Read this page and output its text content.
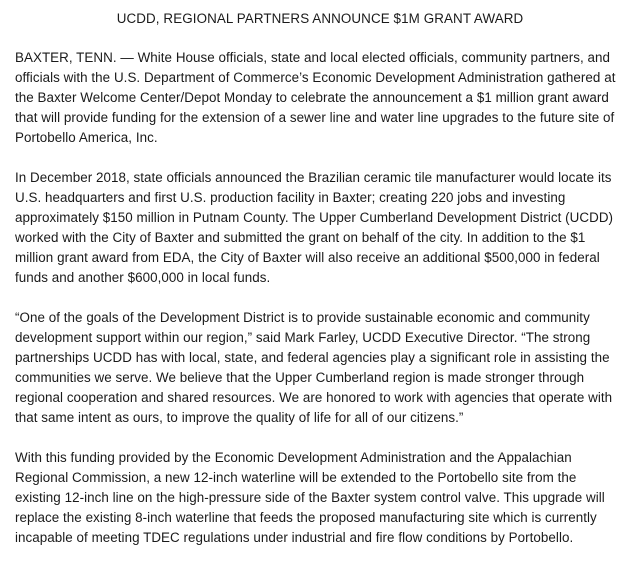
UCDD, REGIONAL PARTNERS ANNOUNCE $1M GRANT AWARD

BAXTER, TENN. — White House officials, state and local elected officials, community partners, and officials with the U.S. Department of Commerce’s Economic Development Administration gathered at the Baxter Welcome Center/Depot Monday to celebrate the announcement a $1 million grant award that will provide funding for the extension of a sewer line and water line upgrades to the future site of Portobello America, Inc.

In December 2018, state officials announced the Brazilian ceramic tile manufacturer would locate its U.S. headquarters and first U.S. production facility in Baxter; creating 220 jobs and investing approximately $150 million in Putnam County. The Upper Cumberland Development District (UCDD) worked with the City of Baxter and submitted the grant on behalf of the city. In addition to the $1 million grant award from EDA, the City of Baxter will also receive an additional $500,000 in federal funds and another $600,000 in local funds.

“One of the goals of the Development District is to provide sustainable economic and community development support within our region,” said Mark Farley, UCDD Executive Director. “The strong partnerships UCDD has with local, state, and federal agencies play a significant role in assisting the communities we serve. We believe that the Upper Cumberland region is made stronger through regional cooperation and shared resources. We are honored to work with agencies that operate with that same intent as ours, to improve the quality of life for all of our citizens.”

With this funding provided by the Economic Development Administration and the Appalachian Regional Commission, a new 12-inch waterline will be extended to the Portobello site from the existing 12-inch line on the high-pressure side of the Baxter system control valve. This upgrade will replace the existing 8-inch waterline that feeds the proposed manufacturing site which is currently incapable of meeting TDEC regulations under industrial and fire flow conditions by Portobello.
